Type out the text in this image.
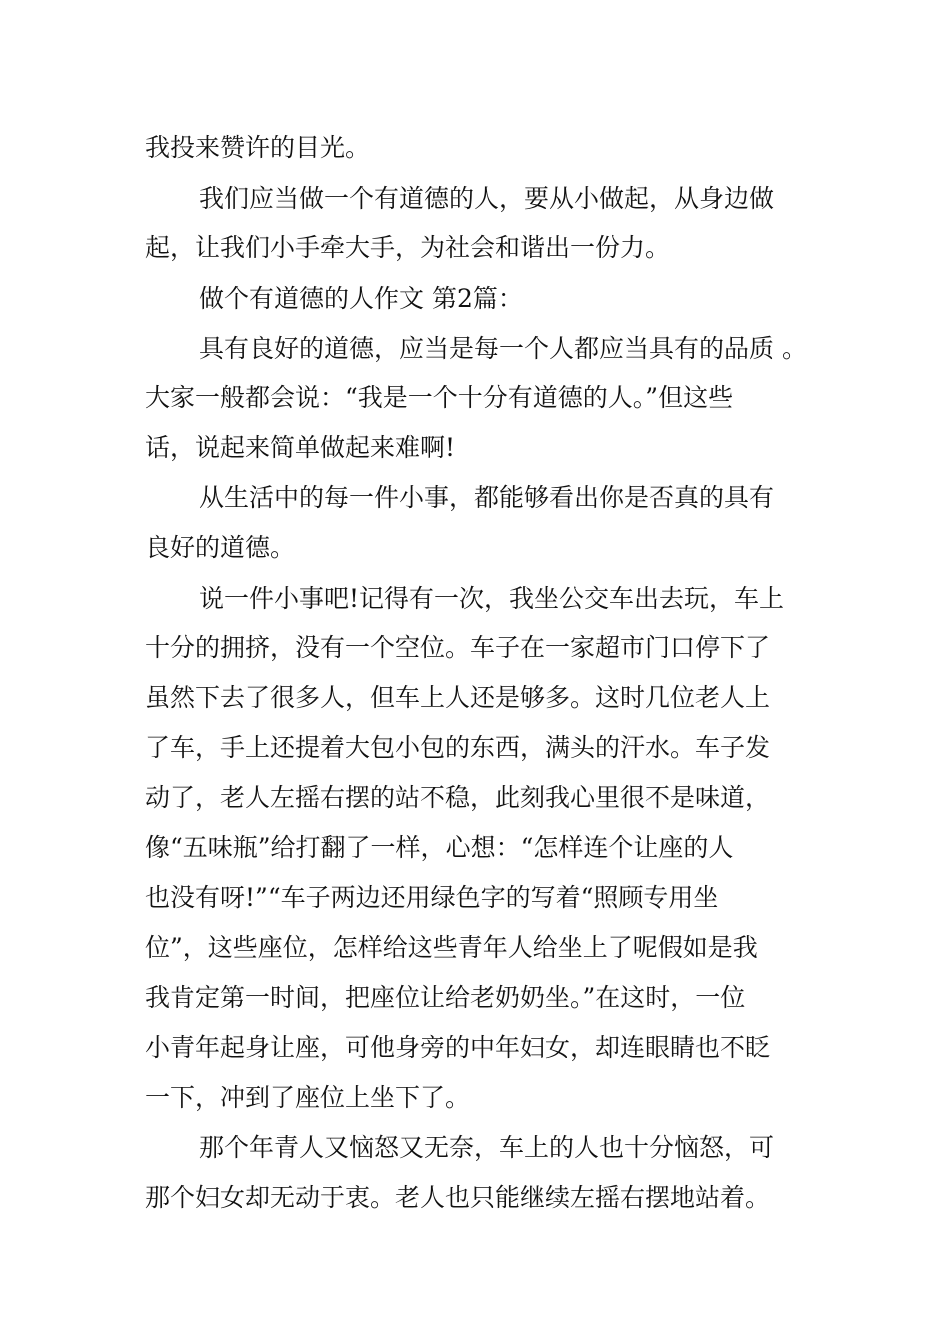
我投来赞许的目光。
我们应当做一个有道德的人，要从小做起，从身边做
起，让我们小手牵大手，为社会和谐出一份力。
做个有道德的人作文 第2篇：
具有良好的道德，应当是每一个人都应当具有的品质 。
大家一般都会说：“我是一个十分有道德的人。”但这些
话，说起来简单做起来难啊!
从生活中的每一件小事，都能够看出你是否真的具有
良好的道德。
说一件小事吧!记得有一次，我坐公交车出去玩，车上
十分的拥挤，没有一个空位。车子在一家超市门口停下了
虽然下去了很多人，但车上人还是够多。这时几位老人上
了车，手上还提着大包小包的东西，满头的汗水。车子发
动了，老人左摇右摆的站不稳，此刻我心里很不是味道，
像“五味瓶”给打翻了一样，心想：“怎样连个让座的人
也没有呀!”“车子两边还用绿色字的写着“照顾专用坐
位”，这些座位，怎样给这些青年人给坐上了呢假如是我
我肯定第一时间，把座位让给老奶奶坐。”在这时，一位
小青年起身让座，可他身旁的中年妇女，却连眼睛也不眨
一下，冲到了座位上坐下了。
那个年青人又恼怒又无奈，车上的人也十分恼怒，可
那个妇女却无动于衷。老人也只能继续左摇右摆地站着。
